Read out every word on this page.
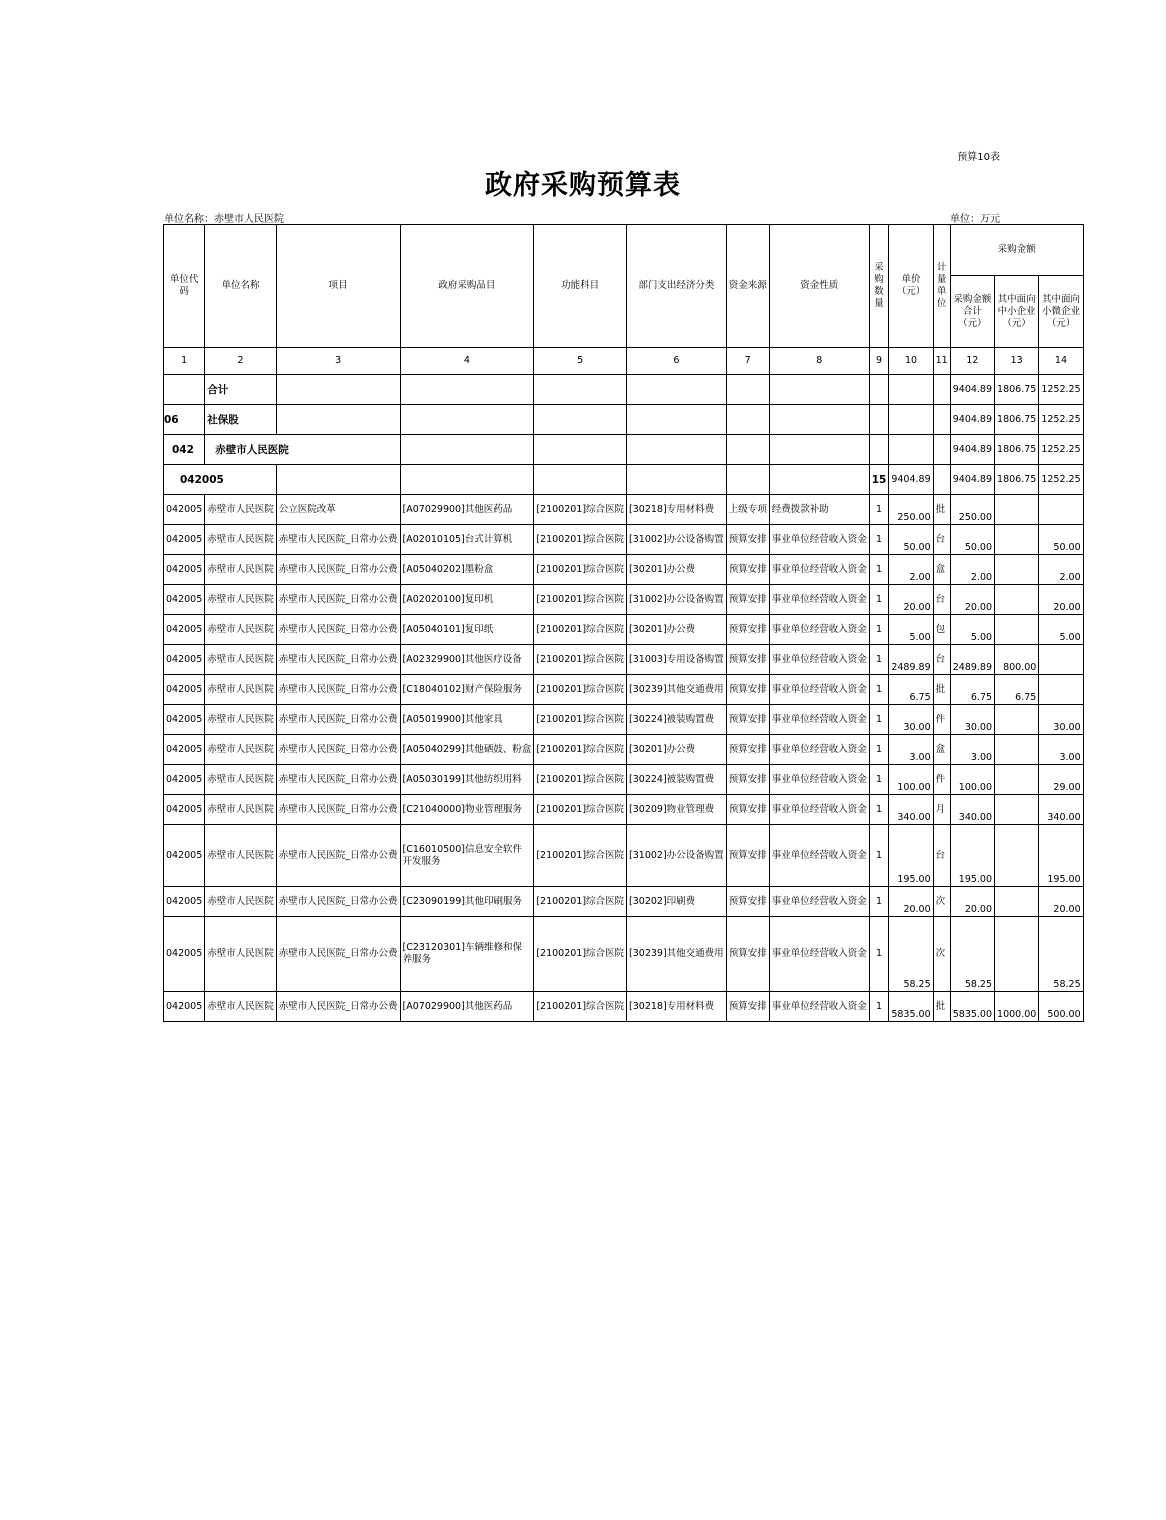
预算10表
政府采购预算表
单位名称：赤壁市人民医院	单位：万元
单位代码	单位名称	项目	政府采购品目	功能科目	部门支出经济分类	资金来源	资金性质	采购数量	单价（元）	计量单位	采购金额		
											采购金额合计（元）	其中面向中小企业（元）	其中面向小微企业（元）
1	2	3	4	5	6	7	8	9	10	11	12	13	14
	合计										9404.89	1806.75	1252.25
06	社保股										9404.89	1806.75	1252.25
042	赤壁市人民医院										9404.89	1806.75	1252.25
042005								15	9404.89		9404.89	1806.75	1252.25
042005	赤壁市人民医院	公立医院改革	[A07029900]其他医药品	[2100201]综合医院	[30218]专用材料费	上级专项	经费拨款补助	1	250.00	批	250.00		
042005	赤壁市人民医院	赤壁市人民医院_日常办公费	[A02010105]台式计算机	[2100201]综合医院	[31002]办公设备购置	预算安排	事业单位经营收入资金	1	50.00	台	50.00		50.00
042005	赤壁市人民医院	赤壁市人民医院_日常办公费	[A05040202]墨粉盒	[2100201]综合医院	[30201]办公费	预算安排	事业单位经营收入资金	1	2.00	盒	2.00		2.00
042005	赤壁市人民医院	赤壁市人民医院_日常办公费	[A02020100]复印机	[2100201]综合医院	[31002]办公设备购置	预算安排	事业单位经营收入资金	1	20.00	台	20.00		20.00
042005	赤壁市人民医院	赤壁市人民医院_日常办公费	[A05040101]复印纸	[2100201]综合医院	[30201]办公费	预算安排	事业单位经营收入资金	1	5.00	包	5.00		5.00
042005	赤壁市人民医院	赤壁市人民医院_日常办公费	[A02329900]其他医疗设备	[2100201]综合医院	[31003]专用设备购置	预算安排	事业单位经营收入资金	1	2489.89	台	2489.89	800.00	
042005	赤壁市人民医院	赤壁市人民医院_日常办公费	[C18040102]财产保险服务	[2100201]综合医院	[30239]其他交通费用	预算安排	事业单位经营收入资金	1	6.75	批	6.75	6.75	
042005	赤壁市人民医院	赤壁市人民医院_日常办公费	[A05019900]其他家具	[2100201]综合医院	[30224]被装购置费	预算安排	事业单位经营收入资金	1	30.00	件	30.00		30.00
042005	赤壁市人民医院	赤壁市人民医院_日常办公费	[A05040299]其他硒鼓、粉盒	[2100201]综合医院	[30201]办公费	预算安排	事业单位经营收入资金	1	3.00	盒	3.00		3.00
042005	赤壁市人民医院	赤壁市人民医院_日常办公费	[A05030199]其他纺织用料	[2100201]综合医院	[30224]被装购置费	预算安排	事业单位经营收入资金	1	100.00	件	100.00		29.00
042005	赤壁市人民医院	赤壁市人民医院_日常办公费	[C21040000]物业管理服务	[2100201]综合医院	[30209]物业管理费	预算安排	事业单位经营收入资金	1	340.00	月	340.00		340.00
042005	赤壁市人民医院	赤壁市人民医院_日常办公费	[C16010500]信息安全软件开发服务	[2100201]综合医院	[31002]办公设备购置	预算安排	事业单位经营收入资金	1	195.00	台	195.00		195.00
042005	赤壁市人民医院	赤壁市人民医院_日常办公费	[C23090199]其他印刷服务	[2100201]综合医院	[30202]印刷费	预算安排	事业单位经营收入资金	1	20.00	次	20.00		20.00
042005	赤壁市人民医院	赤壁市人民医院_日常办公费	[C23120301]车辆维修和保养服务	[2100201]综合医院	[30239]其他交通费用	预算安排	事业单位经营收入资金	1	58.25	次	58.25		58.25
042005	赤壁市人民医院	赤壁市人民医院_日常办公费	[A07029900]其他医药品	[2100201]综合医院	[30218]专用材料费	预算安排	事业单位经营收入资金	1	5835.00	批	5835.00	1000.00	500.00
